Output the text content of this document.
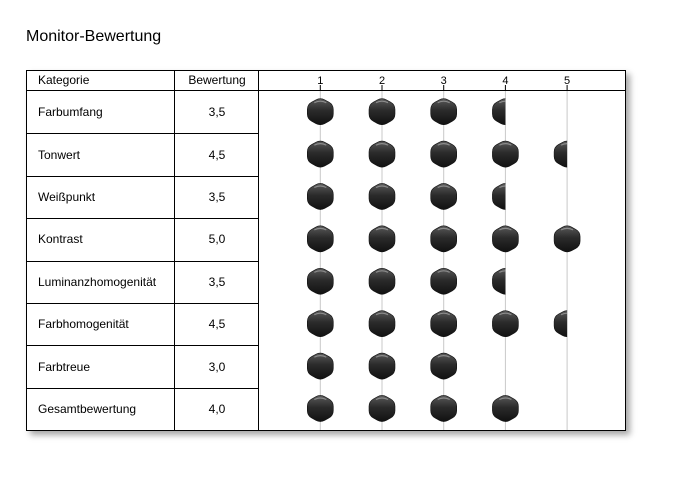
Monitor-Bewertung
Kategorie	Bewertung
Farbumfang	3,5
Tonwert	4,5
Weißpunkt	3,5
Kontrast	5,0
Luminanzhomogenität	3,5
Farbhomogenität	4,5
Farbtreue	3,0
Gesamtbewertung	4,0
1	2	3	4	5
